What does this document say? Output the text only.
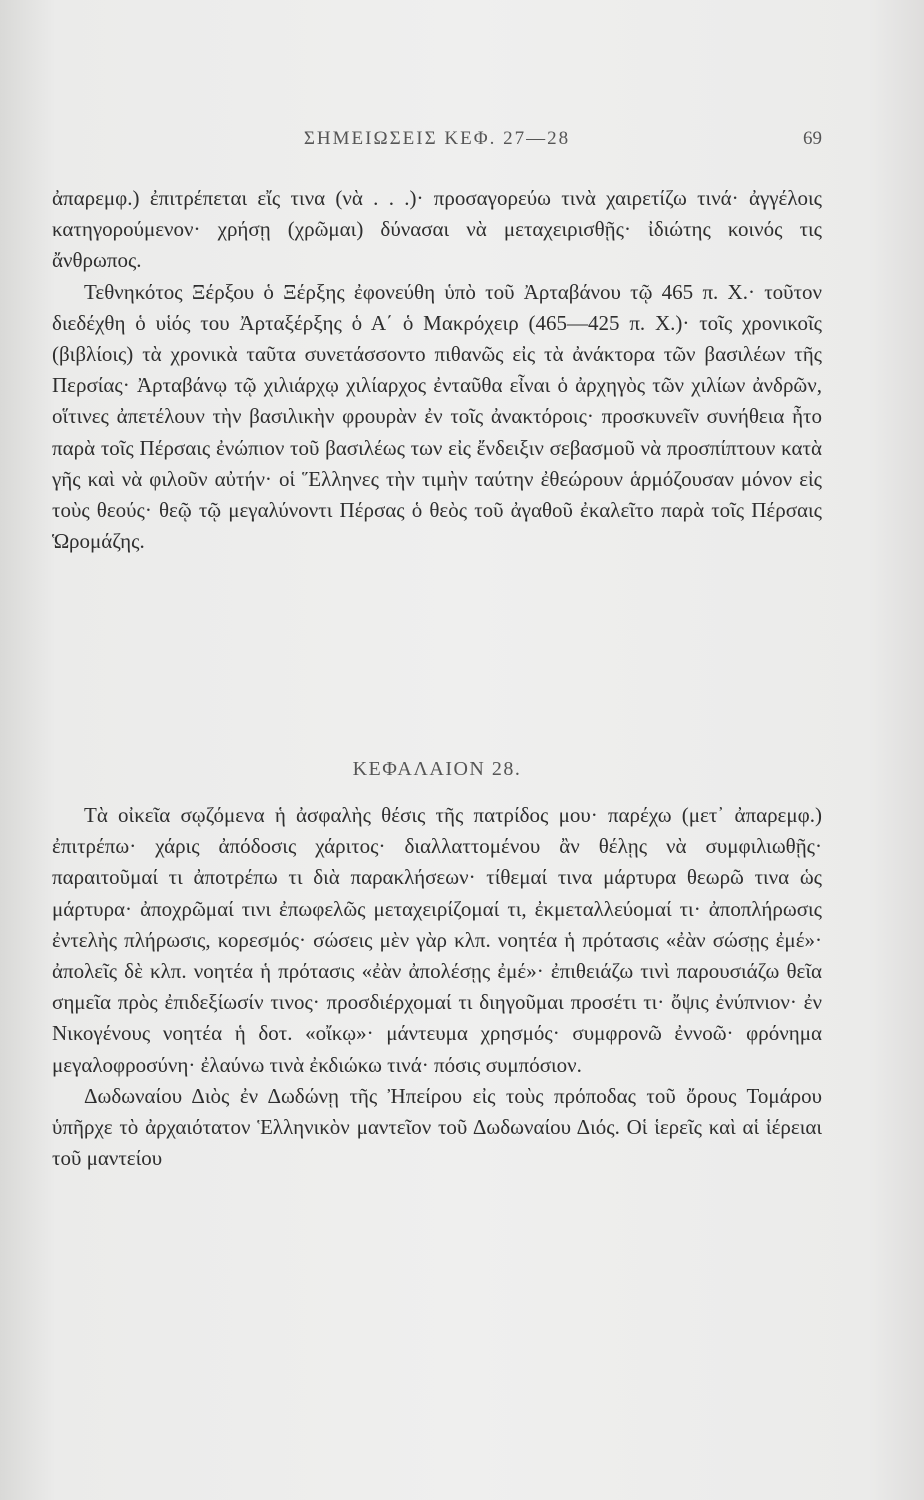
ΣΗΜΕΙΩΣΕΙΣ ΚΕΦ. 27—28	69

ἀπαρεμφ.) ἐπιτρέπεται εἴς τινα (νὰ . . .)· προσαγορεύω τινὰ χαιρετίζω τινά· ἀγγέλοις κατηγορούμενον· χρήσῃ (χρῶμαι) δύνασαι νὰ μεταχειρισθῇς· ἰδιώτης κοινός τις ἄνθρωπος.

Τεθνηκότος Ξέρξου ὁ Ξέρξης ἐφονεύθη ὑπὸ τοῦ Ἀρταβάνου τῷ 465 π. Χ.· τοῦτον διεδέχθη ὁ υἱός του Ἀρταξέρξης ὁ Α΄ ὁ Μακρόχειρ (465—425 π. Χ.)· τοῖς χρονικοῖς (βιβλίοις) τὰ χρονικὰ ταῦτα συνετάσσοντο πιθανῶς εἰς τὰ ἀνάκτορα τῶν βασιλέων τῆς Περσίας· Ἀρταβάνῳ τῷ χιλιάρχῳ χιλίαρχος ἐνταῦθα εἶναι ὁ ἀρχηγὸς τῶν χιλίων ἀνδρῶν, οἵτινες ἀπετέλουν τὴν βασιλικὴν φρουρὰν ἐν τοῖς ἀνακτόροις· προσκυνεῖν συνήθεια ἦτο παρὰ τοῖς Πέρσαις ἐνώπιον τοῦ βασιλέως των εἰς ἔνδειξιν σεβασμοῦ νὰ προσπίπτουν κατὰ γῆς καὶ νὰ φιλοῦν αὐτήν· οἱ Ἕλληνες τὴν τιμὴν ταύτην ἐθεώρουν ἁρμόζουσαν μόνον εἰς τοὺς θεούς· θεῷ τῷ μεγαλύνοντι Πέρσας ὁ θεὸς τοῦ ἀγαθοῦ ἐκαλεῖτο παρὰ τοῖς Πέρσαις Ὡρομάζης.

ΚΕΦΑΛΑΙΟΝ 28.

Τὰ οἰκεῖα σῳζόμενα ἡ ἀσφαλὴς θέσις τῆς πατρίδος μου· παρέχω (μετ᾽ ἀπαρεμφ.) ἐπιτρέπω· χάρις ἀπόδοσις χάριτος· διαλλαττομένου ἂν θέλῃς νὰ συμφιλιωθῇς· παραιτοῦμαί τι ἀποτρέπω τι διὰ παρακλήσεων· τίθεμαί τινα μάρτυρα θεωρῶ τινα ὡς μάρτυρα· ἀποχρῶμαί τινι ἐπωφελῶς μεταχειρίζομαί τι, ἐκμεταλλεύομαί τι· ἀποπλήρωσις ἐντελὴς πλήρωσις, κορεσμός· σώσεις μὲν γὰρ κλπ. νοητέα ἡ πρότασις «ἐὰν σώσῃς ἐμέ»· ἀπολεῖς δὲ κλπ. νοητέα ἡ πρότασις «ἐὰν ἀπολέσῃς ἐμέ»· ἐπιθειάζω τινὶ παρουσιάζω θεῖα σημεῖα πρὸς ἐπιδεξίωσίν τινος· προσδιέρχομαί τι διηγοῦμαι προσέτι τι· ὄψις ἐνύπνιον· ἐν Νικογένους νοητέα ἡ δοτ. «οἴκῳ»· μάντευμα χρησμός· συμφρονῶ ἐννοῶ· φρόνημα μεγαλοφροσύνη· ἐλαύνω τινὰ ἐκδιώκω τινά· πόσις συμπόσιον.

Δωδωναίου Διὸς ἐν Δωδώνῃ τῆς Ἠπείρου εἰς τοὺς πρόποδας τοῦ ὄρους Τομάρου ὑπῆρχε τὸ ἀρχαιότατον Ἑλληνικὸν μαντεῖον τοῦ Δωδωναίου Διός. Οἱ ἱερεῖς καὶ αἱ ἱέρειαι τοῦ μαντείου
